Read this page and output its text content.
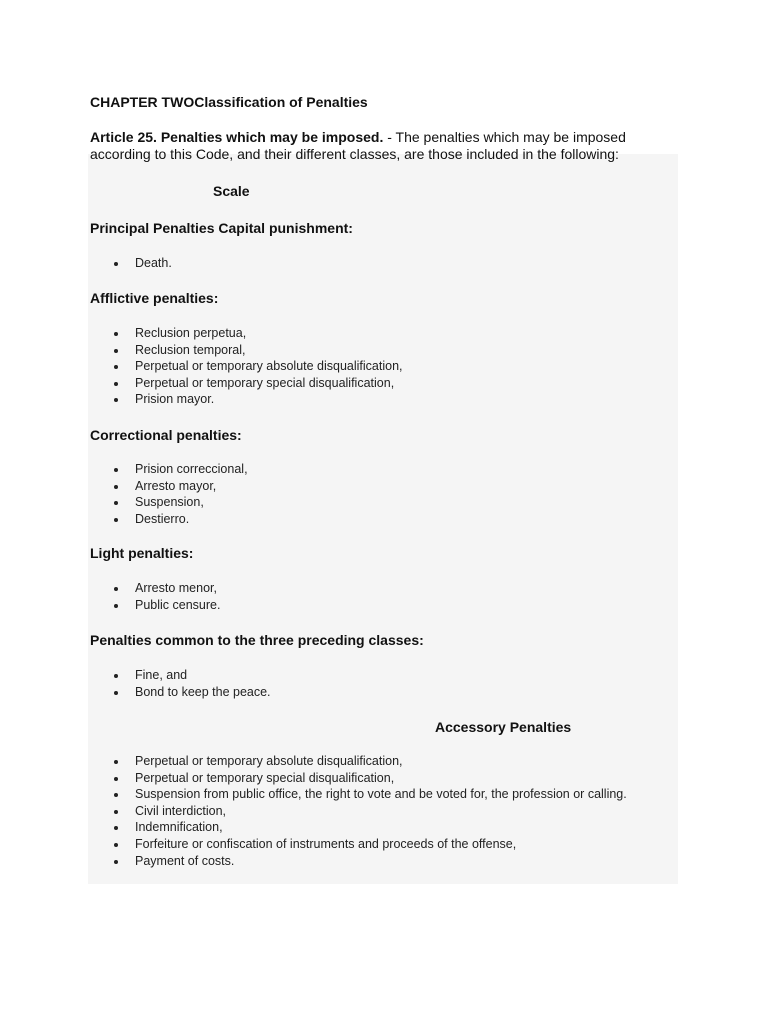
CHAPTER TWOClassification of Penalties
Article 25. Penalties which may be imposed. - The penalties which may be imposed according to this Code, and their different classes, are those included in the following:
Scale
Principal Penalties Capital punishment:
Death.
Afflictive penalties:
Reclusion perpetua,
Reclusion temporal,
Perpetual or temporary absolute disqualification,
Perpetual or temporary special disqualification,
Prision mayor.
Correctional penalties:
Prision correccional,
Arresto mayor,
Suspension,
Destierro.
Light penalties:
Arresto menor,
Public censure.
Penalties common to the three preceding classes:
Fine, and
Bond to keep the peace.
Accessory Penalties
Perpetual or temporary absolute disqualification,
Perpetual or temporary special disqualification,
Suspension from public office, the right to vote and be voted for, the profession or calling.
Civil interdiction,
Indemnification,
Forfeiture or confiscation of instruments and proceeds of the offense,
Payment of costs.
